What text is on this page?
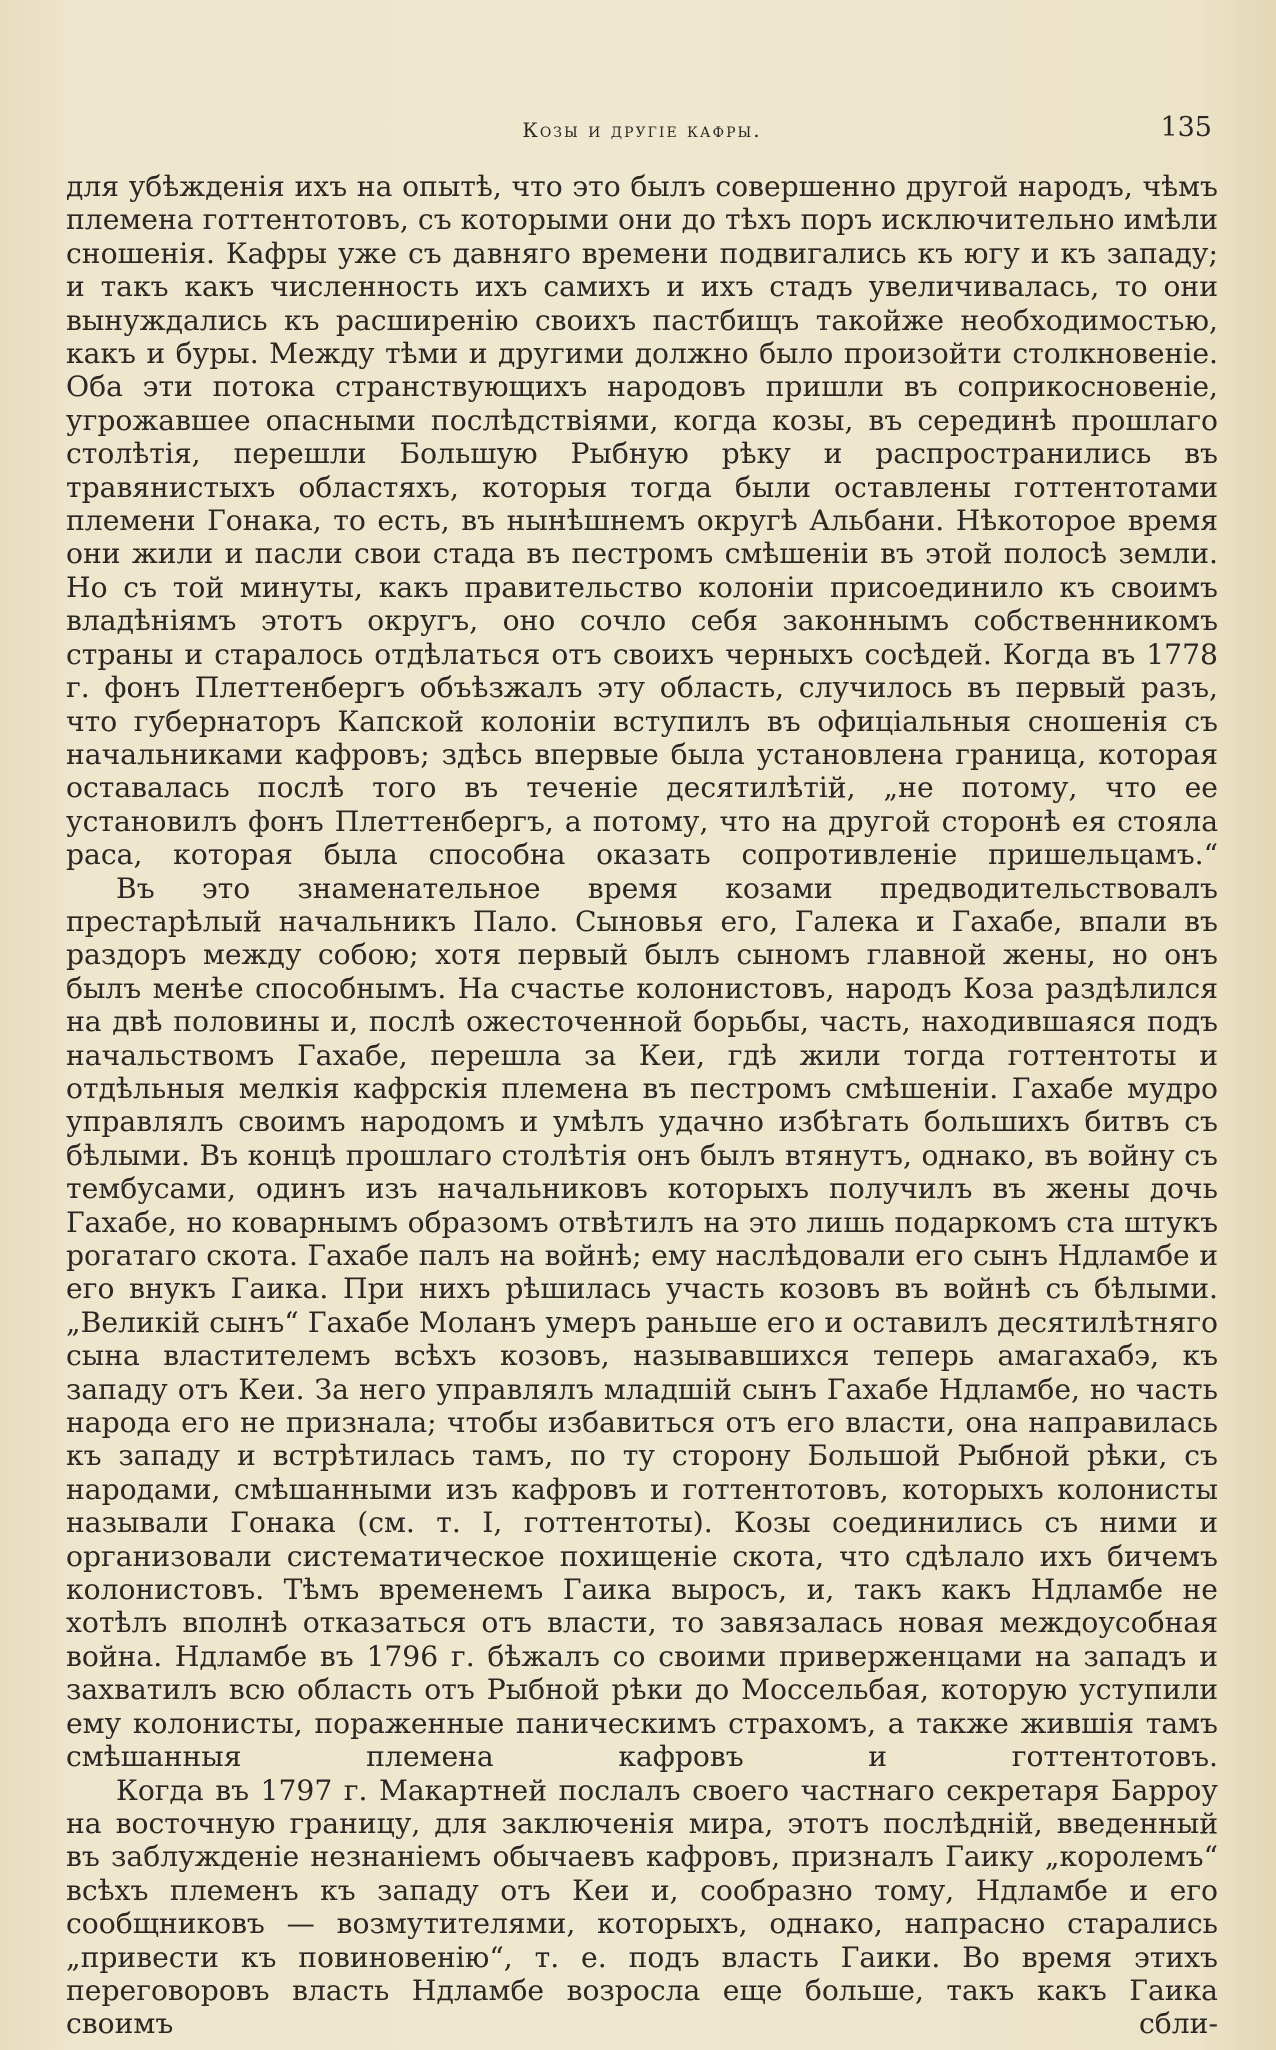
Козы и другіе кафры.	135

для убѣжденія ихъ на опытѣ, что это былъ совершенно другой народъ, чѣмъ племена готтентотовъ, съ которыми они до тѣхъ поръ исключительно имѣли сношенія. Кафры уже съ давняго времени подвигались къ югу и къ западу; и такъ какъ численность ихъ самихъ и ихъ стадъ увеличивалась, то они вынуждались къ расширенію своихъ пастбищъ такойже необходимостью, какъ и буры. Между тѣми и другими должно было произойти столкновеніе. Оба эти потока странствующихъ народовъ пришли въ соприкосновеніе, угрожавшее опасными послѣдствіями, когда козы, въ серединѣ прошлаго столѣтія, перешли Большую Рыбную рѣку и распространились въ травянистыхъ областяхъ, которыя тогда были оставлены готтентотами племени Гонака, то есть, въ нынѣшнемъ округѣ Альбани. Нѣкоторое время они жили и пасли свои стада въ пестромъ смѣшеніи въ этой полосѣ земли. Но съ той минуты, какъ правительство колоніи присоединило къ своимъ владѣніямъ этотъ округъ, оно сочло себя законнымъ собственникомъ страны и старалось отдѣлаться отъ своихъ черныхъ сосѣдей. Когда въ 1778 г. фонъ Плеттенбергъ объѣзжалъ эту область, случилось въ первый разъ, что губернаторъ Капской колоніи вступилъ въ офиціальныя сношенія съ начальниками кафровъ; здѣсь впервые была установлена граница, которая оставалась послѣ того въ теченіе десятилѣтій, „не потому, что ее установилъ фонъ Плеттенбергъ, а потому, что на другой сторонѣ ея стояла раса, которая была способна оказать сопротивленіе пришельцамъ.“

Въ это знаменательное время козами предводительствовалъ престарѣлый начальникъ Пало. Сыновья его, Галека и Гахабе, впали въ раздоръ между собою; хотя первый былъ сыномъ главной жены, но онъ былъ менѣе способнымъ. На счастье колонистовъ, народъ Коза раздѣлился на двѣ половины и, послѣ ожесточенной борьбы, часть, находившаяся подъ начальствомъ Гахабе, перешла за Кеи, гдѣ жили тогда готтентоты и отдѣльныя мелкія кафрскія племена въ пестромъ смѣшеніи. Гахабе мудро управлялъ своимъ народомъ и умѣлъ удачно избѣгать большихъ битвъ съ бѣлыми. Въ концѣ прошлаго столѣтія онъ былъ втянутъ, однако, въ войну съ тембусами, одинъ изъ начальниковъ которыхъ получилъ въ жены дочь Гахабе, но коварнымъ образомъ отвѣтилъ на это лишь подаркомъ ста штукъ рогатаго скота. Гахабе палъ на войнѣ; ему наслѣдовали его сынъ Ндламбе и его внукъ Гаика. При нихъ рѣшилась участь козовъ въ войнѣ съ бѣлыми. „Великій сынъ“ Гахабе Моланъ умеръ раньше его и оставилъ десятилѣтняго сына властителемъ всѣхъ козовъ, называвшихся теперь амагахабэ, къ западу отъ Кеи. За него управлялъ младшій сынъ Гахабе Ндламбе, но часть народа его не признала; чтобы избавиться отъ его власти, она направилась къ западу и встрѣтилась тамъ, по ту сторону Большой Рыбной рѣки, съ народами, смѣшанными изъ кафровъ и готтентотовъ, которыхъ колонисты называли Гонака (см. т. I, готтентоты). Козы соединились съ ними и организовали систематическое похищеніе скота, что сдѣлало ихъ бичемъ колонистовъ. Тѣмъ временемъ Гаика выросъ, и, такъ какъ Ндламбе не хотѣлъ вполнѣ отказаться отъ власти, то завязалась новая междоусобная война. Ндламбе въ 1796 г. бѣжалъ со своими приверженцами на западъ и захватилъ всю область отъ Рыбной рѣки до Моссельбая, которую уступили ему колонисты, пораженные паническимъ страхомъ, а также жившія тамъ смѣшанныя племена кафровъ и готтентотовъ.

Когда въ 1797 г. Макартней послалъ своего частнаго секретаря Барроу на восточную границу, для заключенія мира, этотъ послѣдній, введенный въ заблужденіе незнаніемъ обычаевъ кафровъ, призналъ Гаику „королемъ“ всѣхъ племенъ къ западу отъ Кеи и, сообразно тому, Ндламбе и его сообщниковъ — возмутителями, которыхъ, однако, напрасно старались „привести къ повиновенію“, т. е. подъ власть Гаики. Во время этихъ переговоровъ власть Ндламбе возросла еще больше, такъ какъ Гаика своимъ сбли-
